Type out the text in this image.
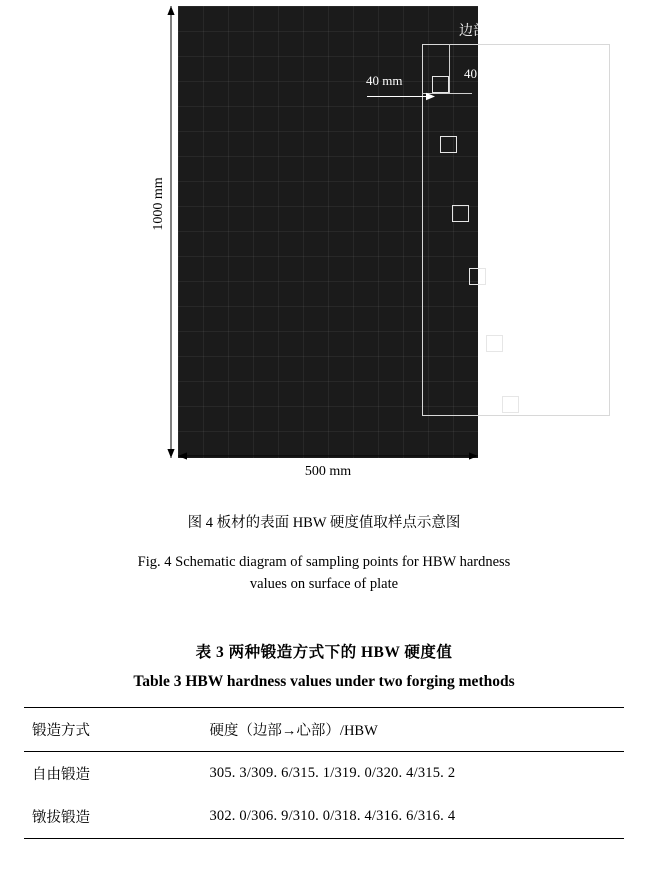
边部→心部
40 mm
40 mm
1000 mm
500 mm
图 4 板材的表面 HBW 硬度值取样点示意图
Fig. 4 Schematic diagram of sampling points for HBW hardness
values on surface of plate
表 3 两种锻造方式下的 HBW 硬度值
Table 3 HBW hardness values under two forging methods
锻造方式	硬度（边部→心部）/HBW
自由锻造	305. 3/309. 6/315. 1/319. 0/320. 4/315. 2
镦拔锻造	302. 0/306. 9/310. 0/318. 4/316. 6/316. 4
